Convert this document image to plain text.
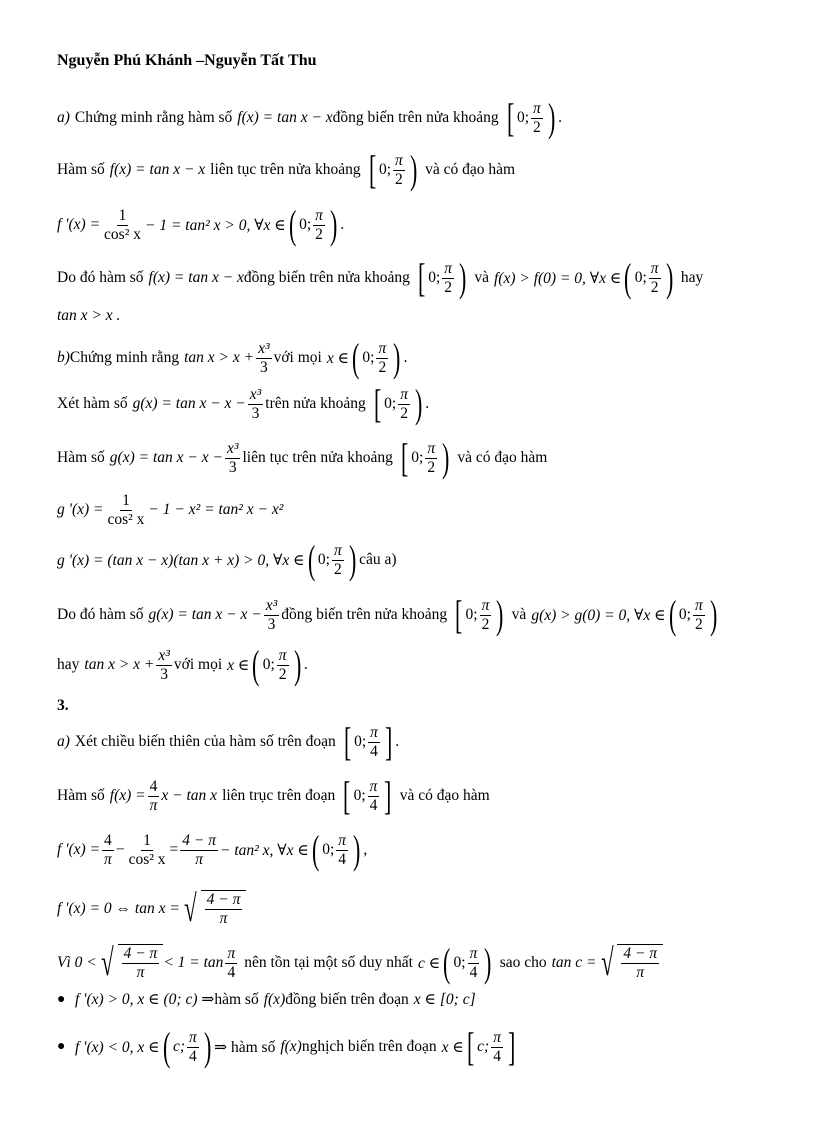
Nguyễn Phú Khánh –Nguyễn Tất Thu
a) Chứng minh rằng hàm số f(x) = tan x − x đồng biến trên nửa khoảng [ 0; $\frac{\pi}{2}$ ) .
Hàm số f(x) = tan x − x liên tục trên nửa khoảng [ 0; $\frac{\pi}{2}$ ) và có đạo hàm
f '$(x) = \frac{1}{\text{cos² x}} - 1 = \tan^2$ x > 0, ∀x ∈ ( 0; $\frac{\pi}{2}$ ) .
Do đó hàm số f(x) = tan x − x đồng biến trên nửa khoảng [ 0; $\frac{\pi}{2}$ ) và f(x) > f(0) = 0, ∀x ∈ ( 0; $\frac{\pi}{2}$ ) hay
tan x > x .
b) Chứng minh rằng $\tan x > x + \frac{\text{x³}}{3}$ với mọi x ∈ ( 0; $\frac{\pi}{2}$ ) .
Xét hàm số $g(x) = \tan x - x - \frac{\text{x³}}{3}$ trên nửa khoảng [ 0; $\frac{\pi}{2}$ ) .
Hàm số $g(x) = \tan x - x - \frac{\text{x³}}{3}$ liên tục trên nửa khoảng [ 0; $\frac{\pi}{2}$ ) và có đạo hàm
g '$(x) = \frac{1}{\text{cos² x}} - 1 - x^2 = \tan^2$ x − x²
g '(x) = (tan x − x)(tan x + x) > 0, ∀x ∈ ( 0; $\frac{\pi}{2}$ ) câu a)
Do đó hàm số $g(x) = \tan x - x - \frac{\text{x³}}{3}$ đồng biến trên nửa khoảng [ 0; $\frac{\pi}{2}$ ) và g(x) > g(0) = 0, ∀x ∈ ( 0; $\frac{\pi}{2}$ )
hay $\tan x > x + \frac{\text{x³}}{3}$ với mọi x ∈ ( 0; $\frac{\pi}{2}$ ) .
3.
a) Xét chiều biến thiên của hàm số trên đoạn [ 0; $\frac{\pi}{4}$ ] .
Hàm số $f(x) = \frac{4}{\pi}$ x − tan x liên trục trên đoạn [ 0; $\frac{\pi}{4}$ ] và có đạo hàm
f '$(x) = \frac{4}{\pi} - \frac{1}{\text{cos² x}} = \frac{4 - \pi}{\pi} - \tan^2$ x, ∀x ∈ ( 0; $\frac{\pi}{4}$ ) ,
f '(x) = 0 ⇔ tan x = √ $\frac{4 - \pi}{\pi}$
Vì 0 < √ $\frac{4 - \pi}{\pi} < 1 = \tan \frac{\pi}{4}$ nên tồn tại một số duy nhất c ∈ ( 0; $\frac{\pi}{4}$ ) sao cho tan c = √ $\frac{4 - \pi}{\pi}$
● f '(x) > 0, x ∈ (0; c) ⇒ hàm số f(x) đồng biến trên đoạn x ∈ [0; c]
● f '(x) < 0, x ∈ ( c; $\frac{\pi}{4}$ ) ⇒ hàm số f(x) nghịch biến trên đoạn x ∈ [ c; $\frac{\pi}{4}$ ]
